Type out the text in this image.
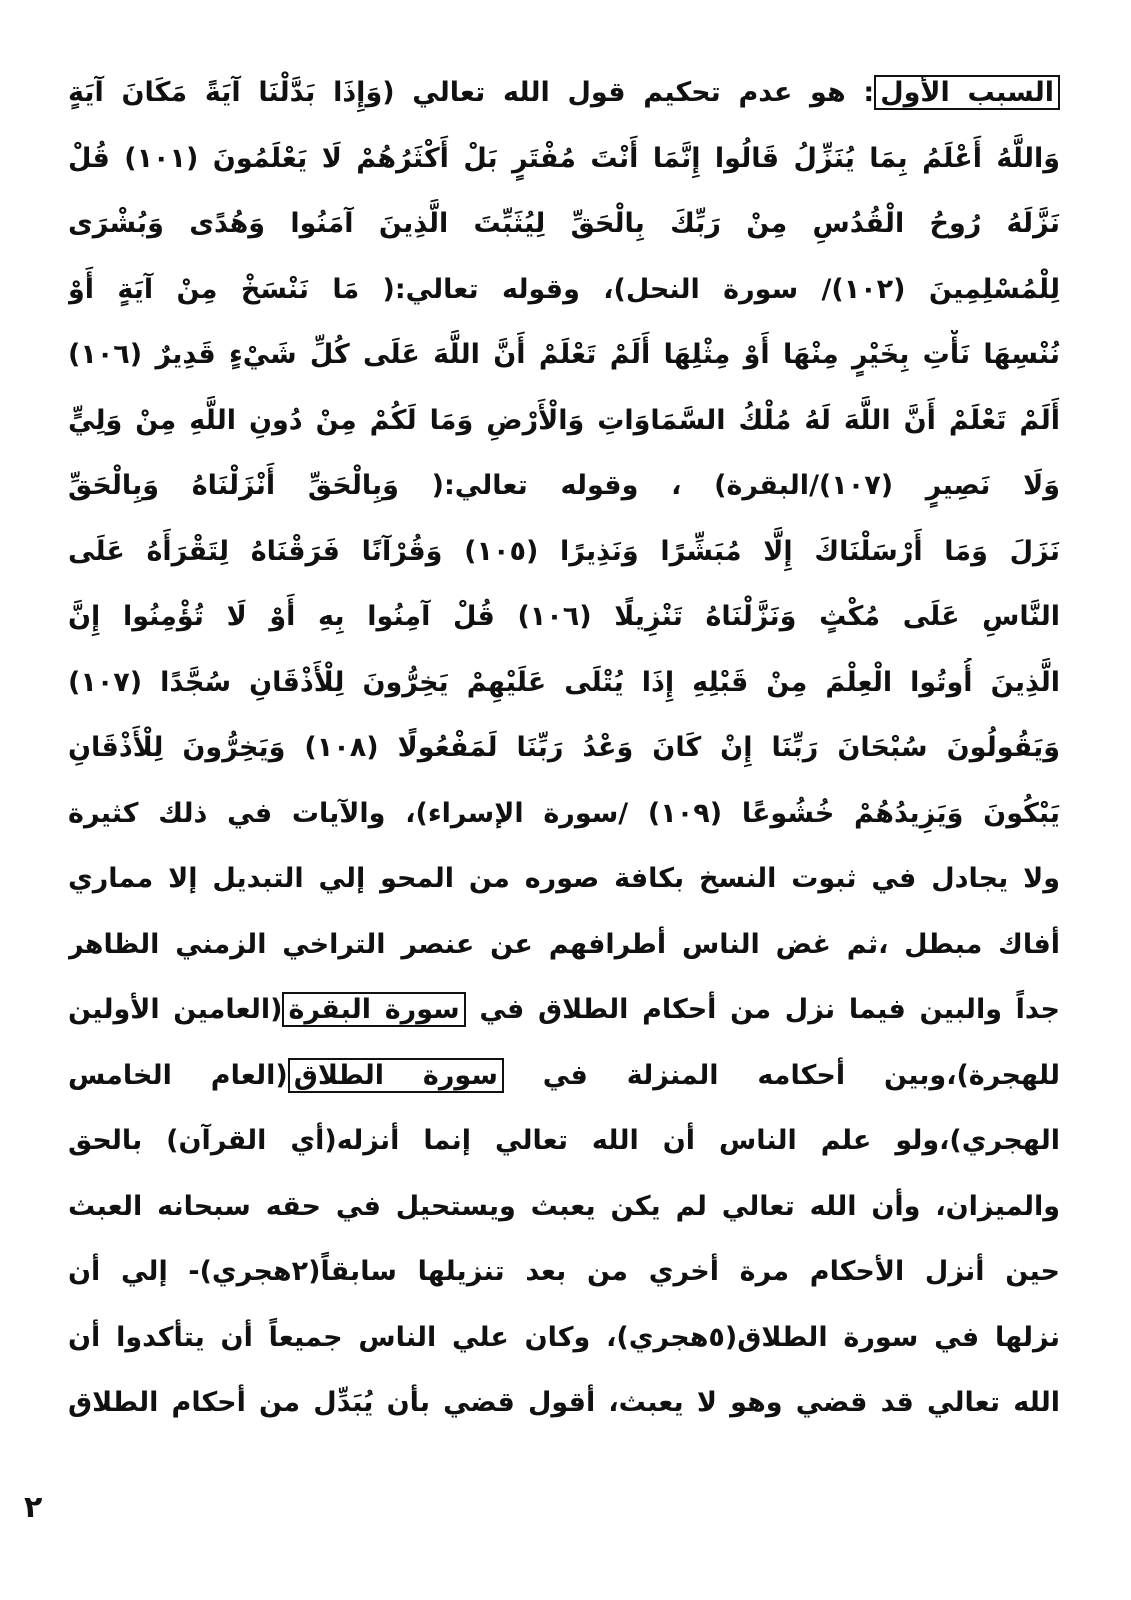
السبب الأول: هو عدم تحكيم قول الله تعالي (وَإِذَا بَدَّلْنَا آيَةً مَكَانَ آيَةٍ
وَاللَّهُ أَعْلَمُ بِمَا يُنَزِّلُ قَالُوا إِنَّمَا أَنْتَ مُفْتَرٍ بَلْ أَكْثَرُهُمْ لَا يَعْلَمُونَ (١٠١) قُلْ
نَزَّلَهُ رُوحُ الْقُدُسِ مِنْ رَبِّكَ بِالْحَقِّ لِيُثَبِّتَ الَّذِينَ آمَنُوا وَهُدًى وَبُشْرَى
لِلْمُسْلِمِينَ (١٠٢)/ سورة النحل)، وقوله تعالي:( مَا نَنْسَخْ مِنْ آيَةٍ أَوْ
نُنْسِهَا نَأْتِ بِخَيْرٍ مِنْهَا أَوْ مِثْلِهَا أَلَمْ تَعْلَمْ أَنَّ اللَّهَ عَلَى كُلِّ شَيْءٍ قَدِيرٌ (١٠٦)
أَلَمْ تَعْلَمْ أَنَّ اللَّهَ لَهُ مُلْكُ السَّمَاوَاتِ وَالْأَرْضِ وَمَا لَكُمْ مِنْ دُونِ اللَّهِ مِنْ وَلِيٍّ
وَلَا نَصِيرٍ (١٠٧)/البقرة) ، وقوله تعالي:( وَبِالْحَقِّ أَنْزَلْنَاهُ وَبِالْحَقِّ
نَزَلَ وَمَا أَرْسَلْنَاكَ إِلَّا مُبَشِّرًا وَنَذِيرًا (١٠٥) وَقُرْآنًا فَرَقْنَاهُ لِتَقْرَأَهُ عَلَى
النَّاسِ عَلَى مُكْثٍ وَنَزَّلْنَاهُ تَنْزِيلًا (١٠٦) قُلْ آمِنُوا بِهِ أَوْ لَا تُؤْمِنُوا إِنَّ
الَّذِينَ أُوتُوا الْعِلْمَ مِنْ قَبْلِهِ إِذَا يُتْلَى عَلَيْهِمْ يَخِرُّونَ لِلْأَذْقَانِ سُجَّدًا (١٠٧)
وَيَقُولُونَ سُبْحَانَ رَبِّنَا إِنْ كَانَ وَعْدُ رَبِّنَا لَمَفْعُولًا (١٠٨) وَيَخِرُّونَ لِلْأَذْقَانِ
يَبْكُونَ وَيَزِيدُهُمْ خُشُوعًا (١٠٩) /سورة الإسراء)، والآيات في ذلك كثيرة
ولا يجادل في ثبوت النسخ بكافة صوره من المحو إلي التبديل إلا مماري
أفاك مبطل ،ثم غض الناس أطرافهم عن عنصر التراخي الزمني الظاهر
جداً والبين فيما نزل من أحكام الطلاق في سورة البقرة(العامين الأولين
للهجرة)،وبين أحكامه المنزلة في سورة الطلاق(العام الخامس
الهجري)،ولو علم الناس أن الله تعالي إنما أنزله(أي القرآن) بالحق
والميزان، وأن الله تعالي لم يكن يعبث ويستحيل في حقه سبحانه العبث
حين أنزل الأحكام مرة أخري من بعد تنزيلها سابقاً(٢هجري)- إلي أن
نزلها في سورة الطلاق(٥هجري)، وكان علي الناس جميعاً أن يتأكدوا أن
الله تعالي قد قضي وهو لا يعبث، أقول قضي بأن يُبَدِّل من أحكام الطلاق
٢
